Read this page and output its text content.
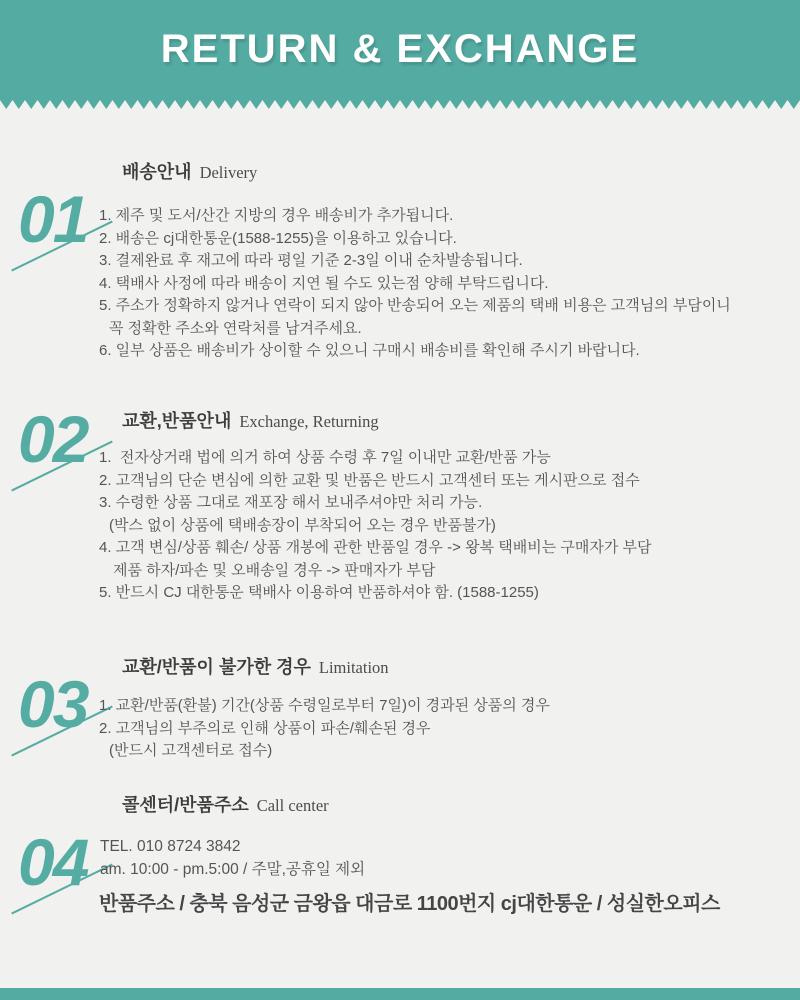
RETURN & EXCHANGE
01
배송안내 Delivery
1. 제주 및 도서/산간 지방의 경우 배송비가 추가됩니다.
2. 배송은 cj대한통운(1588-1255)을 이용하고 있습니다.
3. 결제완료 후 재고에 따라 평일 기준 2-3일 이내 순차발송됩니다.
4. 택배사 사정에 따라 배송이 지연 될 수도 있는점 양해 부탁드립니다.
5. 주소가 정확하지 않거나 연락이 되지 않아 반송되어 오는 제품의 택배 비용은 고객님의 부담이니
꼭 정확한 주소와 연락처를 남겨주세요.
6. 일부 상품은 배송비가 상이할 수 있으니 구매시 배송비를 확인해 주시기 바랍니다.
02	교환,반품안내 Exchange, Returning
1.  전자상거래 법에 의거 하여 상품 수령 후 7일 이내만 교환/반품 가능
2. 고객님의 단순 변심에 의한 교환 및 반품은 반드시 고객센터 또는 게시판으로 접수
3. 수령한 상품 그대로 재포장 해서 보내주셔야만 처리 가능.
(박스 없이 상품에 택배송장이 부착되어 오는 경우 반품불가)
4. 고객 변심/상품 훼손/ 상품 개봉에 관한 반품일 경우 -> 왕복 택배비는 구매자가 부담
제품 하자/파손 및 오배송일 경우 -> 판매자가 부담
5. 반드시 CJ 대한통운 택배사 이용하여 반품하셔야 함. (1588-1255)
03	교환/반품이 불가한 경우 Limitation
1. 교환/반품(환불) 기간(상품 수령일로부터 7일)이 경과된 상품의 경우
2. 고객님의 부주의로 인해 상품이 파손/훼손된 경우
(반드시 고객센터로 접수)
04
콜센터/반품주소 Call center
TEL. 010 8724 3842
am. 10:00 - pm.5:00 / 주말,공휴일 제외
반품주소 / 충북 음성군 금왕읍 대금로 1100번지 cj대한통운 / 성실한오피스
